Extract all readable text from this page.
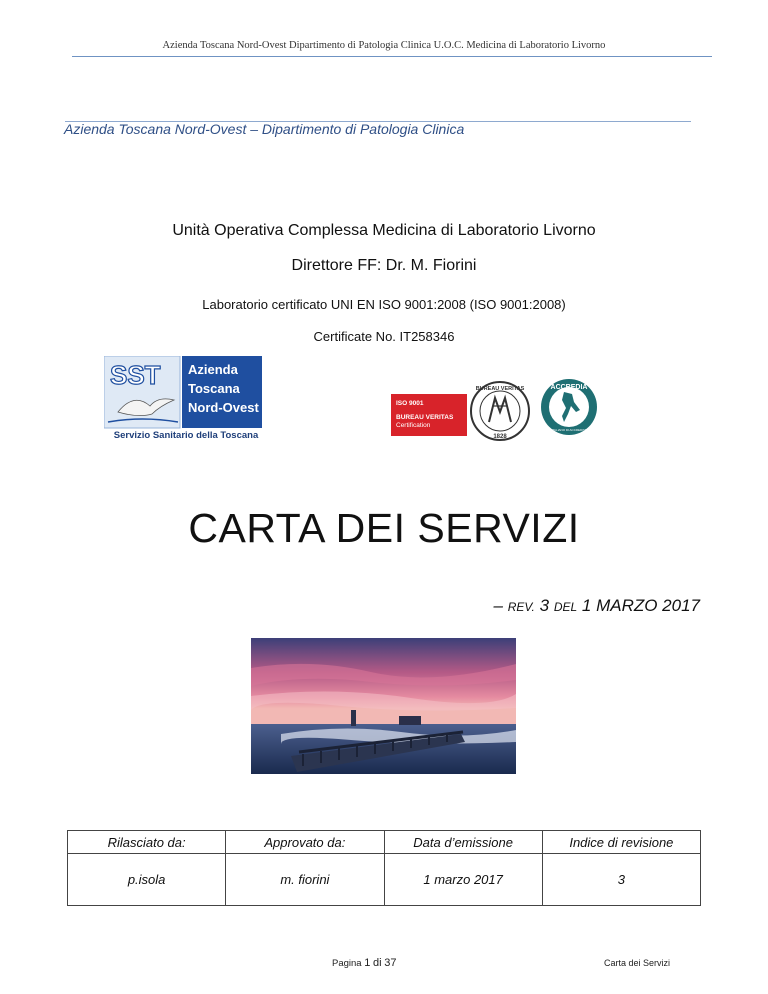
Azienda Toscana Nord-Ovest Dipartimento di Patologia Clinica U.O.C. Medicina di Laboratorio Livorno
Azienda Toscana Nord-Ovest – Dipartimento di Patologia Clinica
Unità Operativa Complessa Medicina di Laboratorio Livorno
Direttore FF: Dr. M. Fiorini
Laboratorio certificato UNI EN ISO 9001:2008 (ISO 9001:2008)
Certificate No. IT258346
SST Azienda
Toscana
Nord-Ovest
Servizio Sanitario della Toscana
ISO 9001
BUREAU VERITAS
Certification
BUREAU VERITAS
1828
ACCREDIA
L'ENTE ITALIANO DI ACCREDITAMENTO
CARTA DEI SERVIZI
– REV. 3 DEL 1 MARZO 2017
Rilasciato da:	Approvato da:	Data d’emissione	Indice di revisione
p.isola	m. fiorini	1 marzo 2017	3
Pagina 1 di 37	Carta dei Servizi
